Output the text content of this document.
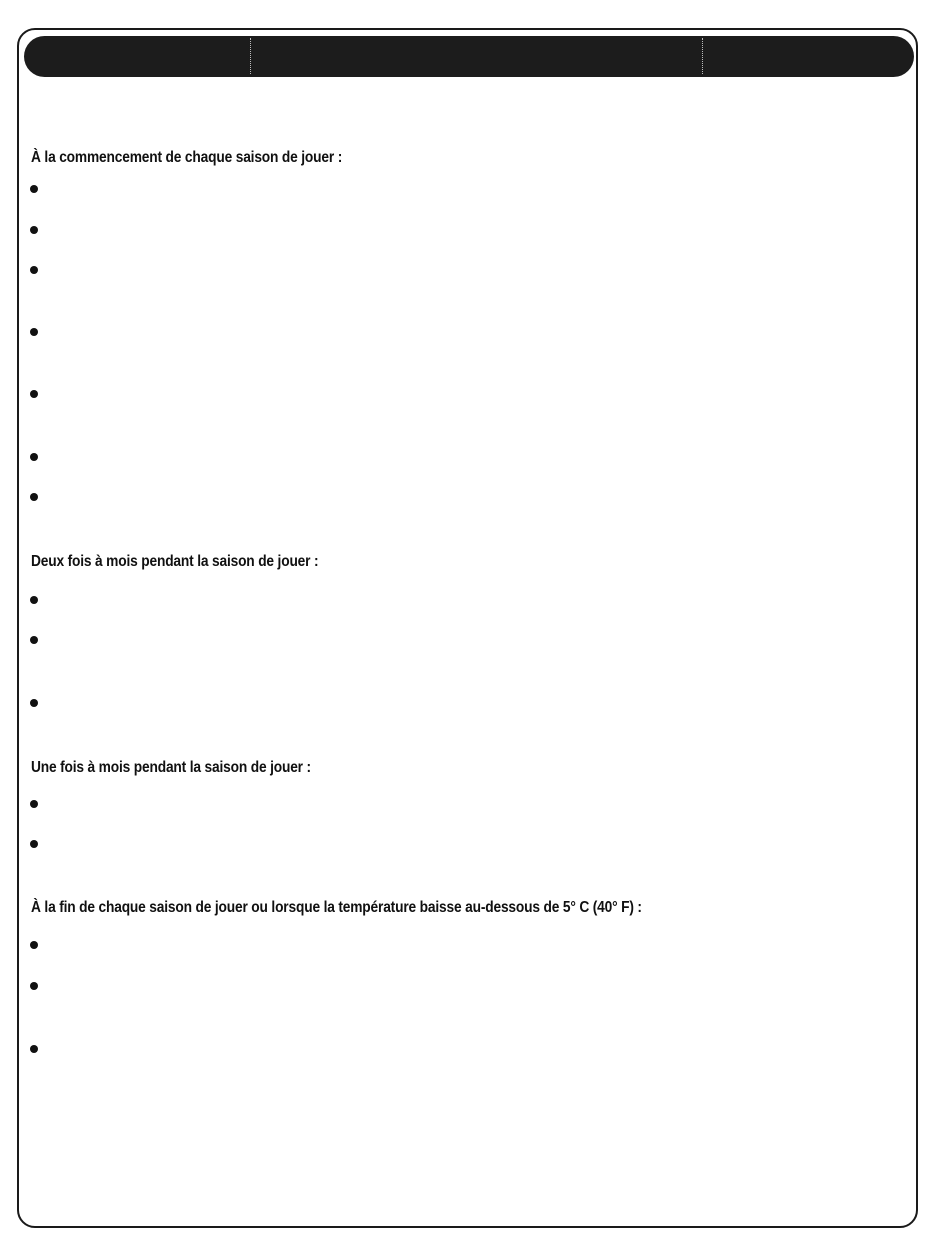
À la commencement de chaque saison de jouer :
Deux fois à mois pendant la saison de jouer :
Une fois à mois pendant la saison de jouer :
À la fin de chaque saison de jouer ou lorsque la température baisse au-dessous de 5° C (40° F) :
